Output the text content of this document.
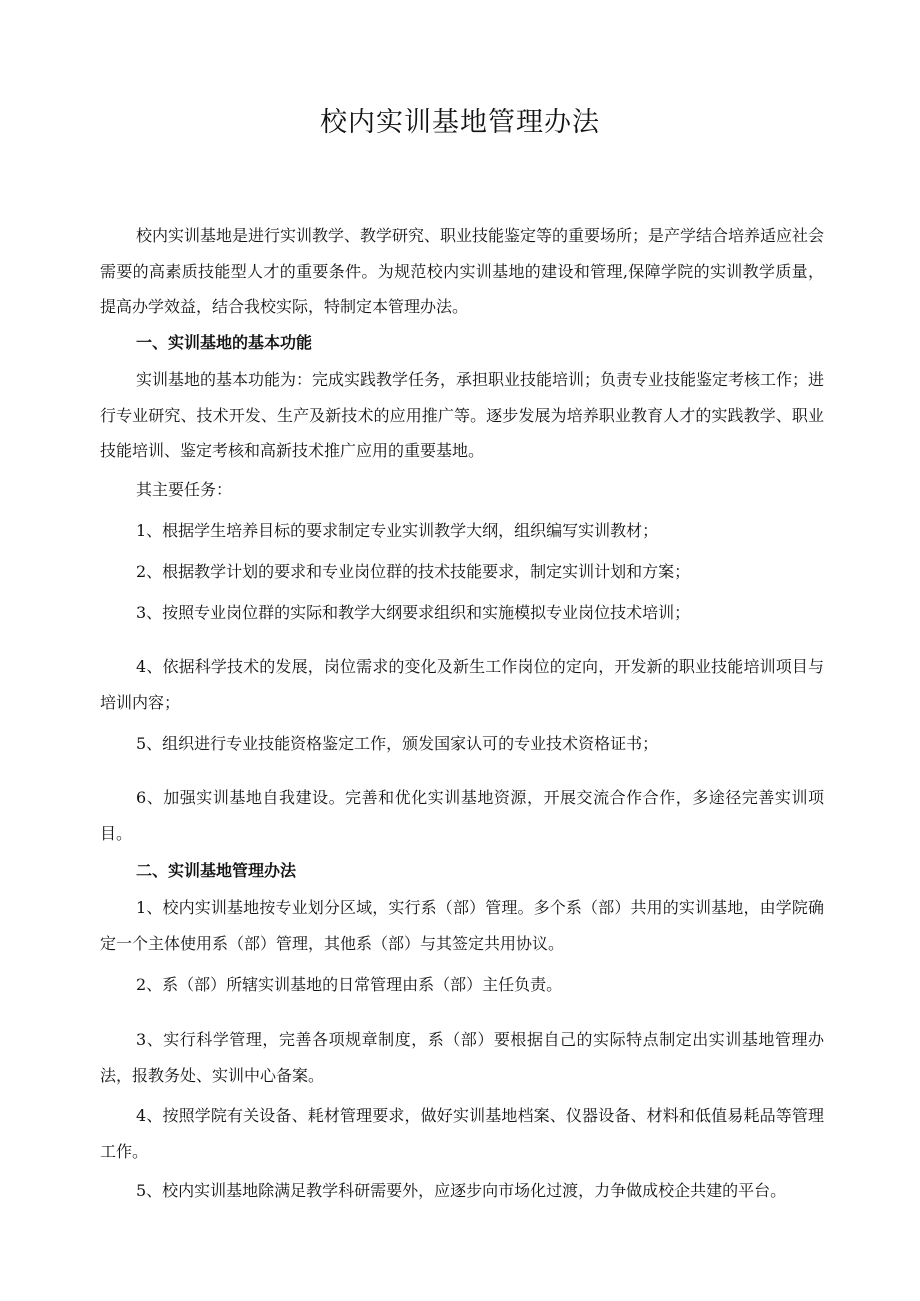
校内实训基地管理办法

校内实训基地是进行实训教学、教学研究、职业技能鉴定等的重要场所；是产学结合培养适应社会需要的高素质技能型人才的重要条件。为规范校内实训基地的建设和管理,保障学院的实训教学质量，提高办学效益，结合我校实际，特制定本管理办法。

一、实训基地的基本功能

实训基地的基本功能为：完成实践教学任务，承担职业技能培训；负责专业技能鉴定考核工作；进行专业研究、技术开发、生产及新技术的应用推广等。逐步发展为培养职业教育人才的实践教学、职业技能培训、鉴定考核和高新技术推广应用的重要基地。

其主要任务：

1、根据学生培养目标的要求制定专业实训教学大纲，组织编写实训教材；

2、根据教学计划的要求和专业岗位群的技术技能要求，制定实训计划和方案；

3、按照专业岗位群的实际和教学大纲要求组织和实施模拟专业岗位技术培训；

4、依据科学技术的发展，岗位需求的变化及新生工作岗位的定向，开发新的职业技能培训项目与培训内容；

5、组织进行专业技能资格鉴定工作，颁发国家认可的专业技术资格证书；

6、加强实训基地自我建设。完善和优化实训基地资源，开展交流合作合作，多途径完善实训项目。

二、实训基地管理办法

1、校内实训基地按专业划分区域，实行系（部）管理。多个系（部）共用的实训基地，由学院确定一个主体使用系（部）管理，其他系（部）与其签定共用协议。

2、系（部）所辖实训基地的日常管理由系（部）主任负责。

3、实行科学管理，完善各项规章制度，系（部）要根据自己的实际特点制定出实训基地管理办法，报教务处、实训中心备案。

4、按照学院有关设备、耗材管理要求，做好实训基地档案、仪器设备、材料和低值易耗品等管理工作。

5、校内实训基地除满足教学科研需要外，应逐步向市场化过渡，力争做成校企共建的平台。
